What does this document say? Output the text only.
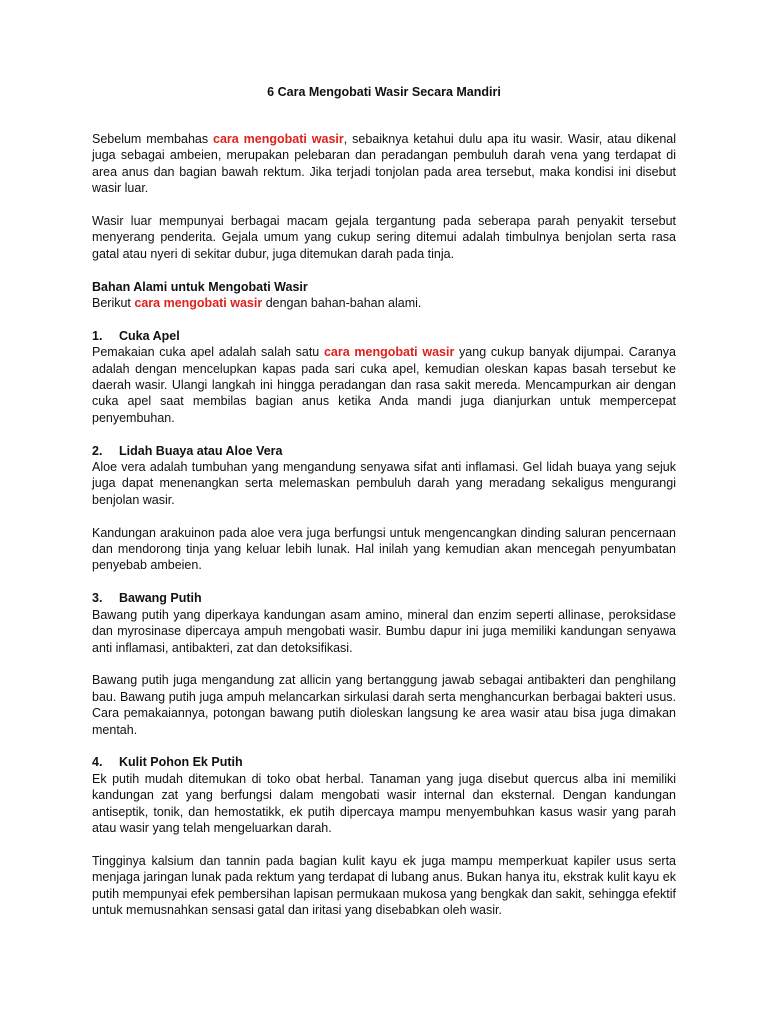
6 Cara Mengobati Wasir Secara Mandiri

Sebelum membahas cara mengobati wasir, sebaiknya ketahui dulu apa itu wasir. Wasir, atau dikenal juga sebagai ambeien, merupakan pelebaran dan peradangan pembuluh darah vena yang terdapat di area anus dan bagian bawah rektum. Jika terjadi tonjolan pada area tersebut, maka kondisi ini disebut wasir luar.

Wasir luar mempunyai berbagai macam gejala tergantung pada seberapa parah penyakit tersebut menyerang penderita. Gejala umum yang cukup sering ditemui adalah timbulnya benjolan serta rasa gatal atau nyeri di sekitar dubur, juga ditemukan darah pada tinja.

Bahan Alami untuk Mengobati Wasir

Berikut cara mengobati wasir dengan bahan-bahan alami.

1. Cuka Apel

Pemakaian cuka apel adalah salah satu cara mengobati wasir yang cukup banyak dijumpai. Caranya adalah dengan mencelupkan kapas pada sari cuka apel, kemudian oleskan kapas basah tersebut ke daerah wasir. Ulangi langkah ini hingga peradangan dan rasa sakit mereda. Mencampurkan air dengan cuka apel saat membilas bagian anus ketika Anda mandi juga dianjurkan untuk mempercepat penyembuhan.

2. Lidah Buaya atau Aloe Vera

Aloe vera adalah tumbuhan yang mengandung senyawa sifat anti inflamasi. Gel lidah buaya yang sejuk juga dapat menenangkan serta melemaskan pembuluh darah yang meradang sekaligus mengurangi benjolan wasir.

Kandungan arakuinon pada aloe vera juga berfungsi untuk mengencangkan dinding saluran pencernaan dan mendorong tinja yang keluar lebih lunak. Hal inilah yang kemudian akan mencegah penyumbatan penyebab ambeien.

3. Bawang Putih

Bawang putih yang diperkaya kandungan asam amino, mineral dan enzim seperti allinase, peroksidase dan myrosinase dipercaya ampuh mengobati wasir. Bumbu dapur ini juga memiliki kandungan senyawa anti inflamasi, antibakteri, zat dan detoksifikasi.

Bawang putih juga mengandung zat allicin yang bertanggung jawab sebagai antibakteri dan penghilang bau. Bawang putih juga ampuh melancarkan sirkulasi darah serta menghancurkan berbagai bakteri usus. Cara pemakaiannya, potongan bawang putih dioleskan langsung ke area wasir atau bisa juga dimakan mentah.

4. Kulit Pohon Ek Putih

Ek putih mudah ditemukan di toko obat herbal. Tanaman yang juga disebut quercus alba ini memiliki kandungan zat yang berfungsi dalam mengobati wasir internal dan eksternal. Dengan kandungan antiseptik, tonik, dan hemostatikk, ek putih dipercaya mampu menyembuhkan kasus wasir yang parah atau wasir yang telah mengeluarkan darah.

Tingginya kalsium dan tannin pada bagian kulit kayu ek juga mampu memperkuat kapiler usus serta menjaga jaringan lunak pada rektum yang terdapat di lubang anus. Bukan hanya itu, ekstrak kulit kayu ek putih mempunyai efek pembersihan lapisan permukaan mukosa yang bengkak dan sakit, sehingga efektif untuk memusnahkan sensasi gatal dan iritasi yang disebabkan oleh wasir.
